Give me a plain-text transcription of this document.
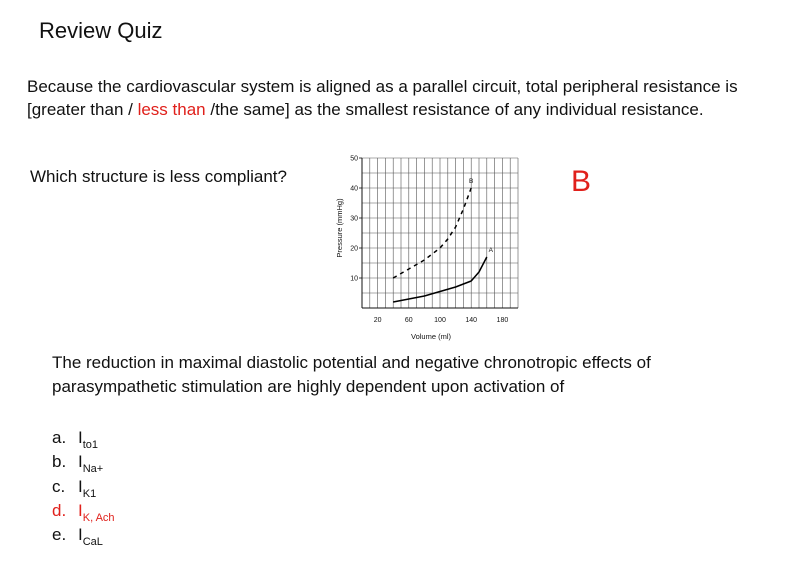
Review Quiz
Because the cardiovascular system is aligned as a parallel circuit, total peripheral resistance is
[greater than / less than /the same] as the smallest resistance of any individual resistance.
Which structure is less compliant?	B
20	60	100	140	180
10
20
30
40
50
A
B
Volume (ml)
Pressure (mmHg)
The reduction in maximal diastolic potential and negative chronotropic effects of
parasympathetic stimulation are highly dependent upon activation of
a. $I_{to1}$
b. $I_{Na+}$
c. $I_{K1}$
d. $I_{K, Ach}$
e. $I_{CaL}$
